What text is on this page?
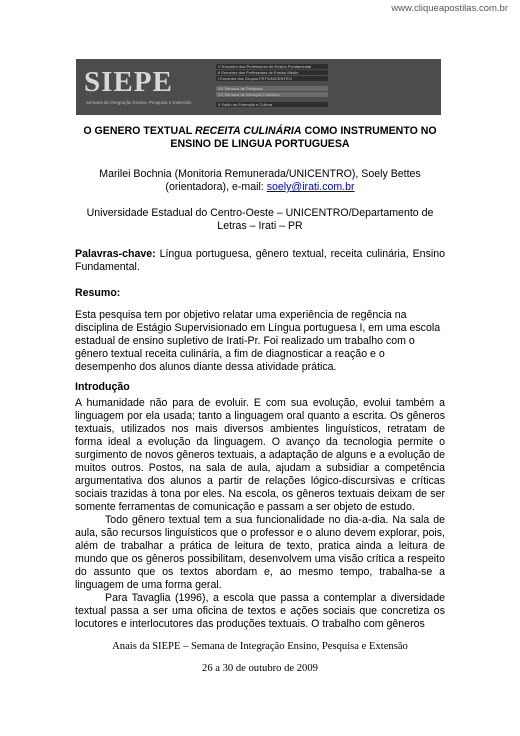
www.cliqueapostilas.com.br
SIEPE
Semana de Integração Ensino, Pesquisa e Extensão
V Encontro dos Professores de Ensino Fundamental
II Encontro dos Professores de Ensino Médio
I Encontro dos Grupos PET/UNICENTRO
XX Semana de Pesquisa
XV Semana de Iniciação Científica
II Salão de Extensão e Cultura
O GENERO TEXTUAL RECEITA CULINÁRIA COMO INSTRUMENTO NO
ENSINO DE LINGUA PORTUGUESA
Marilei Bochnia (Monitoria Remunerada/UNICENTRO), Soely Bettes
(orientadora), e-mail: soely@irati.com.br
Universidade Estadual do Centro-Oeste – UNICENTRO/Departamento de
Letras – Irati – PR
Palavras-chave: Língua portuguesa, gênero textual, receita culinária, Ensino Fundamental.
Resumo:
Esta pesquisa tem por objetivo relatar uma experiência de regência na disciplina de Estágio Supervisionado em Língua portuguesa I, em uma escola estadual de ensino supletivo de Irati-Pr. Foi realizado um trabalho com o gênero textual receita culinária, a fim de diagnosticar a reação e o desempenho dos alunos diante dessa atividade prática.
Introdução

A humanidade não para de evoluir. E com sua evolução, evolui também a linguagem por ela usada; tanto a linguagem oral quanto a escrita. Os gêneros textuais, utilizados nos mais diversos ambientes linguísticos, retratam de forma ideal a evolução da linguagem. O avanço da tecnologia permite o surgimento de novos gêneros textuais, a adaptação de alguns e a evolução de muitos outros. Postos, na sala de aula, ajudam a subsidiar a competência argumentativa dos alunos a partir de relações lógico-discursivas e críticas sociais trazidas à tona por eles. Na escola, os gêneros textuais deixam de ser somente ferramentas de comunicação e passam a ser objeto de estudo.

Todo gênero textual tem a sua funcionalidade no dia-a-dia. Na sala de aula, são recursos linguísticos que o professor e o aluno devem explorar, pois, além de trabalhar a prática de leitura de texto, pratica ainda a leitura de mundo que os gêneros possibilitam, desenvolvem uma visão crítica a respeito do assunto que os textos abordam e, ao mesmo tempo, trabalha-se a linguagem de uma forma geral.

Para Tavaglia (1996), a escola que passa a contemplar a diversidade textual passa a ser uma oficina de textos e ações sociais que concretiza os locutores e interlocutores das produções textuais. O trabalho com gêneros

Anais da SIEPE – Semana de Integração Ensino, Pesquisa e Extensão
26 a 30 de outubro de 2009
